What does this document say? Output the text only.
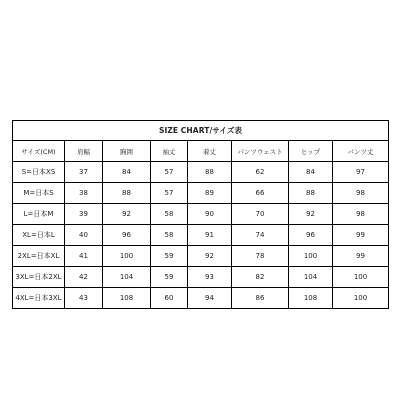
SIZE CHART/サイズ表							
サイズ(CM)	肩幅	胸囲	袖丈	着丈	パンツウェスト	ヒップ	パンツ丈
S=日本XS	37	84	57	88	62	84	97
M=日本S	38	88	57	89	66	88	98
L=日本M	39	92	58	90	70	92	98
XL=日本L	40	96	58	91	74	96	99
2XL=日本XL	41	100	59	92	78	100	99
3XL=日本2XL	42	104	59	93	82	104	100
4XL=日本3XL	43	108	60	94	86	108	100
